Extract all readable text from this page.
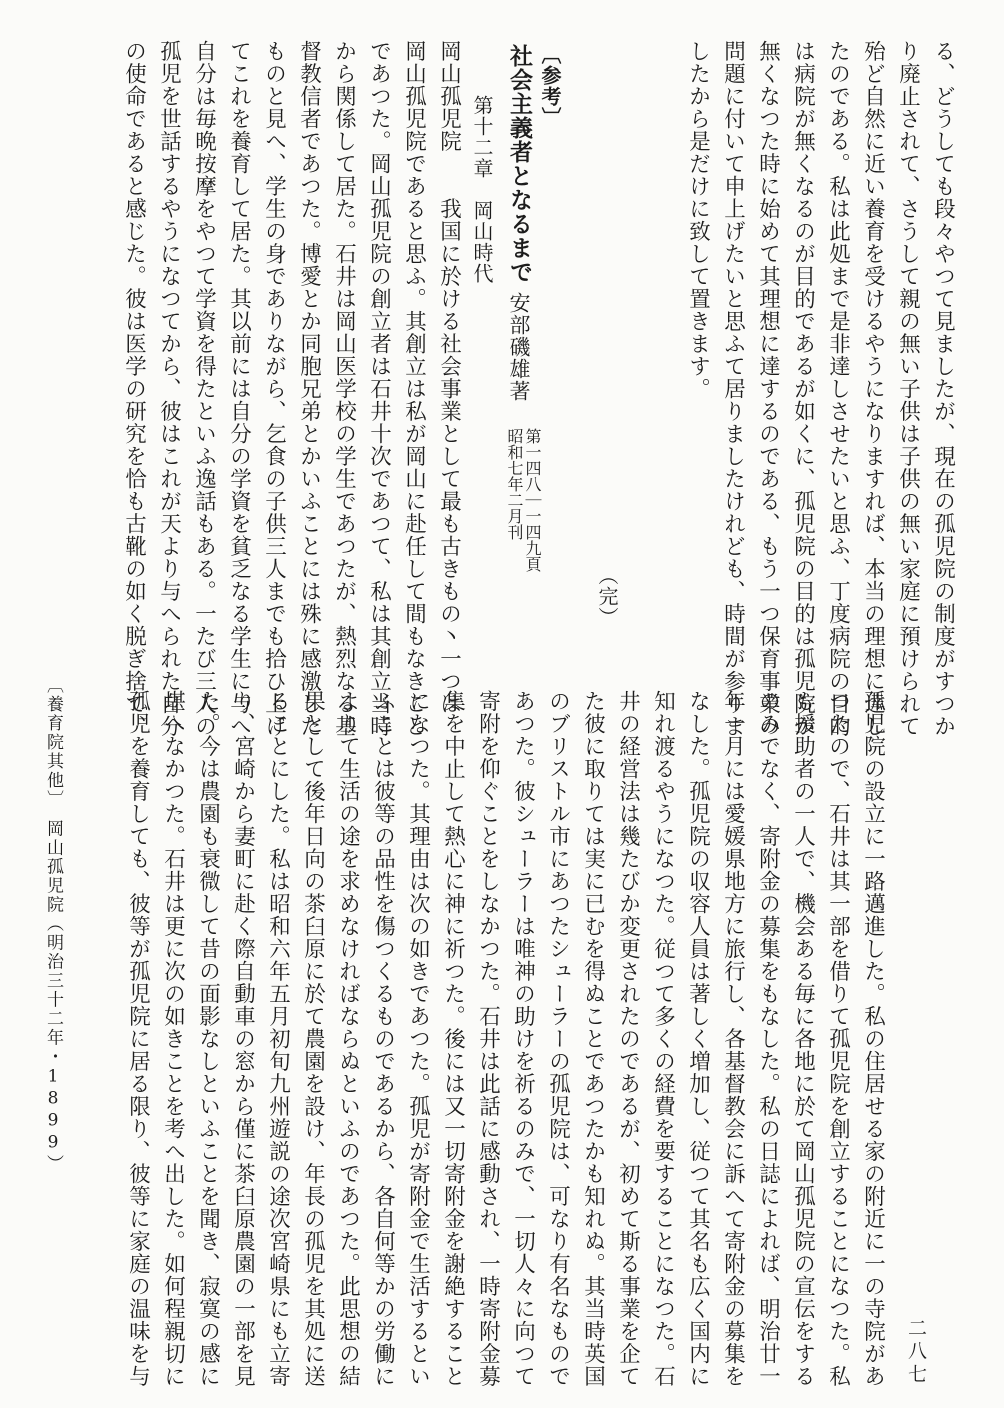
る、どうしても段々やつて見ましたが、現在の孤児院の制度がすつか
り廃止されて、さうして親の無い子供は子供の無い家庭に預けられて
殆ど自然に近い養育を受けるやうになりますれば、本当の理想に達し
たのである。私は此処まで是非達しさせたいと思ふ、丁度病院の目的
は病院が無くなるのが目的であるが如くに、孤児院の目的は孤児院が
無くなつた時に始めて其理想に達するのである、もう一つ保育事業の
問題に付いて申上げたいと思ふて居りましたけれども、時間が参りま
したから是だけに致して置きます。
（完）
〔参考〕
社会主義者となるまで
安部磯雄著
第一四八｜一四九頁
昭和七年二月刊
第十二章　岡山時代
岡山孤児院　　我国に於ける社会事業として最も古きもの丶一つは
岡山孤児院であると思ふ。其創立は私が岡山に赴任して間もなきこと
であつた。岡山孤児院の創立者は石井十次であつて、私は其創立当時
から関係して居た。石井は岡山医学校の学生であつたが、熱烈なる基
督教信者であつた。博愛とか同胞兄弟とかいふことには殊に感激した
ものと見へ、学生の身でありながら、乞食の子供三人までも拾ひ上げ
てこれを養育して居た。其以前には自分の学資を貧乏なる学生に与へ
自分は毎晩按摩をやつて学資を得たといふ逸話もある。一たび三人の
孤児を世話するやうになつてから、彼はこれが天より与へられた自分
の使命であると感じた。彼は医学の研究を恰も古靴の如く脱ぎ捨て、
〔養育院其他〕　岡山孤児院（明治三十二年・1899）	孤児院の設立に一路邁進した。私の住居せる家の附近に一の寺院があ
つたので、石井は其一部を借りて孤児院を創立することになつた。私
も援助者の一人で、機会ある毎に各地に於て岡山孤児院の宣伝をする
のみでなく、寄附金の募集をもなした。私の日誌によれば、明治廿一
年一月には愛媛県地方に旅行し、各基督教会に訴へて寄附金の募集を
なした。孤児院の収容人員は著しく増加し、従つて其名も広く国内に
知れ渡るやうになつた。従つて多くの経費を要することになつた。石
井の経営法は幾たびか変更されたのであるが、初めて斯る事業を企て
た彼に取りては実に已むを得ぬことであつたかも知れぬ。其当時英国
のブリストル市にあつたシューラーの孤児院は、可なり有名なもので
あつた。彼シューラーは唯神の助けを祈るのみで、一切人々に向つて
寄附を仰ぐことをしなかつた。石井は此話に感動され、一時寄附金募
集を中止して熱心に神に祈つた。後には又一切寄附金を謝絶すること
になつた。其理由は次の如きであつた。孤児が寄附金で生活するとい
ふことは彼等の品性を傷つくるものであるから、各自何等かの労働に
よりて生活の途を求めなければならぬといふのであつた。此思想の結
果として後年日向の茶臼原に於て農園を設け、年長の孤児を其処に送
ることにした。私は昭和六年五月初旬九州遊説の途次宮崎県にも立寄
り、宮崎から妻町に赴く際自動車の窓から僅に茶臼原農園の一部を見
た。今は農園も衰微して昔の面影なしといふことを聞き、寂寞の感に
堪へなかつた。石井は更に次の如きことを考へ出した。如何程親切に
孤児を養育しても、彼等が孤児院に居る限り、彼等に家庭の温味を与	二八七
